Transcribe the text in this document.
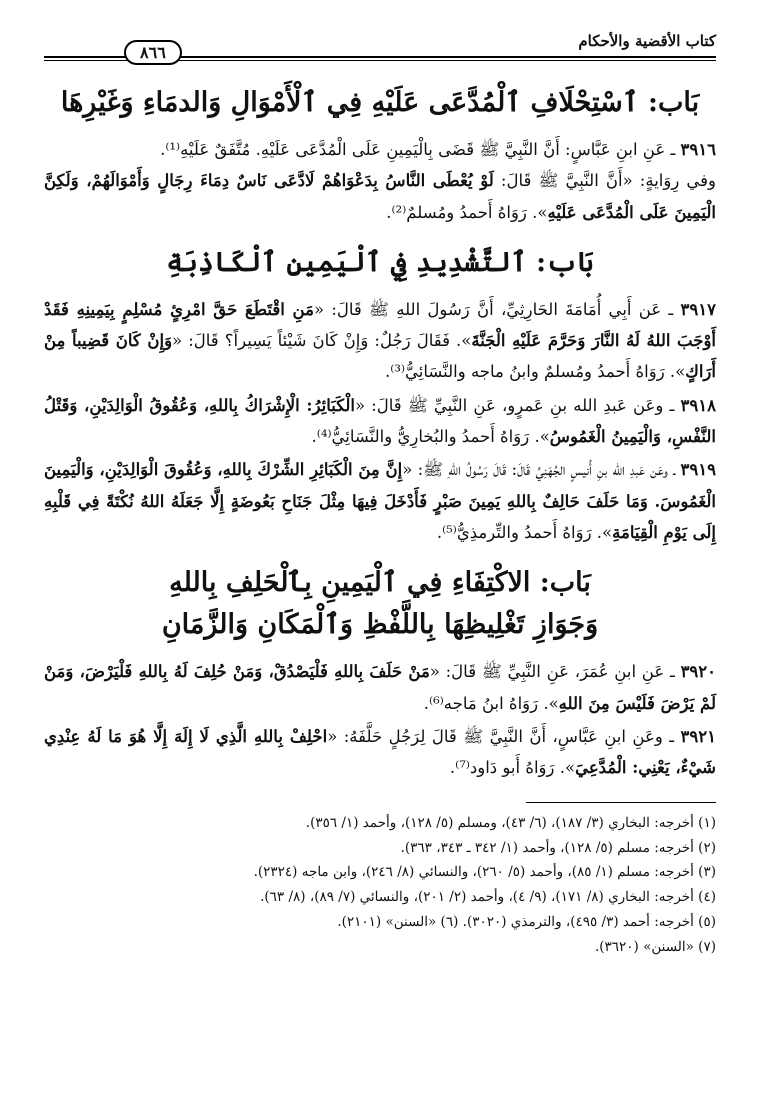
كتاب الأقضية والأحكام
٨٦٦
بَاب: ٱسْتِحْلَافِ ٱلْمُدَّعَى عَلَيْهِ فِي ٱلْأَمْوَالِ وَالدمَاءِ وَغَيْرِهَا

٣٩١٦ ـ عَنِ ابنِ عَبَّاسٍ: أَنَّ النَّبِيَّ ﷺ قَضَى بِالْيَمِينِ عَلَى الْمُدَّعَى عَلَيْهِ. مُتَّفَقٌ عَلَيْهِ⁽¹⁾.
وفي رِوَايةٍ: «أَنَّ النَّبِيَّ ﷺ قَالَ: لَوْ يُعْطَى النَّاسُ بِدَعْوَاهُمْ لَادَّعَى نَاسٌ دِمَاءَ رِجَالٍ وَأَمْوَالَهُمْ، وَلَكِنَّ الْيَمِينَ عَلَى الْمُدَّعَى عَلَيْهِ». رَوَاهُ أَحمدُ ومُسلمٌ⁽²⁾.

بَاب: ٱلتَّشْدِيدِ فِي ٱلْيَمِينِ ٱلْكَاذِبَةِ

٣٩١٧ ـ عَن أَبِي أُمَامَةَ الحَارِثِيِّ، أَنَّ رَسُولَ اللهِ ﷺ قَالَ: «مَنِ اقْتَطَعَ حَقَّ امْرِئٍ مُسْلِمٍ بِيَمِينِهِ فَقَدْ أَوْجَبَ اللهُ لَهُ النَّارَ وَحَرَّمَ عَلَيْهِ الْجَنَّةَ». فَقَالَ رَجُلٌ: وَإِنْ كَانَ شَيْئاً يَسِيراً؟ قَالَ: «وَإِنْ كَانَ قَضِيباً مِنْ أَرَاكٍ». رَوَاهُ أَحمدُ ومُسلمٌ وابنُ ماجه والنَّسَائِيُّ⁽³⁾.

٣٩١٨ ـ وعَن عَبدِ الله بنِ عَمرٍو، عَنِ النَّبِيِّ ﷺ قَالَ: «الْكَبَائِرُ: الْإِشْرَاكُ بِاللهِ، وَعُقُوقُ الْوَالِدَيْنِ، وَقَتْلُ النَّفْسِ، وَالْيَمِينُ الْغَمُوسُ». رَوَاهُ أَحمدُ والبُخارِيُّ والنَّسَائِيُّ⁽⁴⁾.

٣٩١٩ ـ وعَن عَبدِ الله بنِ أُنيسٍ الجُهَنِيِّ قَالَ: قَالَ رَسُولُ اللهِ ﷺ: «إِنَّ مِنَ الْكَبَائِرِ الشِّرْكَ بِاللهِ، وَعُقُوقَ الْوَالِدَيْنِ، وَالْيَمِينَ الْغَمُوسَ. وَمَا حَلَفَ حَالِفٌ بِاللهِ يَمِينَ صَبْرٍ فَأَدْخَلَ فِيهَا مِثْلَ جَنَاحِ بَعُوضَةٍ إِلَّا جَعَلَهُ اللهُ نُكْتَةً فِي قَلْبِهِ إِلَى يَوْمِ الْقِيَامَةِ». رَوَاهُ أَحمدُ والتِّرمذِيُّ⁽⁵⁾.

بَاب: الاكْتِفَاءِ فِي ٱلْيَمِينِ بِٱلْحَلِفِ بِاللهِ
وَجَوَازِ تَغْلِيظِهَا بِاللَّفْظِ وَٱلْمَكَانِ وَالزَّمَانِ

٣٩٢٠ ـ عَنِ ابنِ عُمَرَ، عَنِ النَّبِيِّ ﷺ قَالَ: «مَنْ حَلَفَ بِاللهِ فَلْيَصْدُقْ، وَمَنْ حُلِفَ لَهُ بِاللهِ فَلْيَرْضَ، وَمَنْ لَمْ يَرْضَ فَلَيْسَ مِنَ اللهِ». رَوَاهُ ابنُ مَاجه⁽⁶⁾.

٣٩٢١ ـ وعَنِ ابنِ عَبَّاسٍ، أَنَّ النَّبِيَّ ﷺ قَالَ لِرَجُلٍ حَلَّفَهُ: «احْلِفْ بِاللهِ الَّذِي لَا إِلَهَ إِلَّا هُوَ مَا لَهُ عِنْدِي شَيْءٌ، يَعْنِي: الْمُدَّعِيَ». رَوَاهُ أَبو دَاود⁽⁷⁾.

(١) أخرجه: البخاري (٣/ ١٨٧)، (٦/ ٤٣)، ومسلم (٥/ ١٢٨)، وأحمد (١/ ٣٥٦).
(٢) أخرجه: مسلم (٥/ ١٢٨)، وأحمد (١/ ٣٤٢ ـ ٣٤٣، ٣٦٣).
(٣) أخرجه: مسلم (١/ ٨٥)، وأحمد (٥/ ٢٦٠)، والنسائي (٨/ ٢٤٦)، وابن ماجه (٢٣٢٤).
(٤) أخرجه: البخاري (٨/ ١٧١)، (٩/ ٤)، وأحمد (٢/ ٢٠١)، والنسائي (٧/ ٨٩)، (٨/ ٦٣).
(٥) أخرجه: أحمد (٣/ ٤٩٥)، والترمذي (٣٠٢٠). (٦) «السنن» (٢١٠١).
(٧) «السنن» (٣٦٢٠).
